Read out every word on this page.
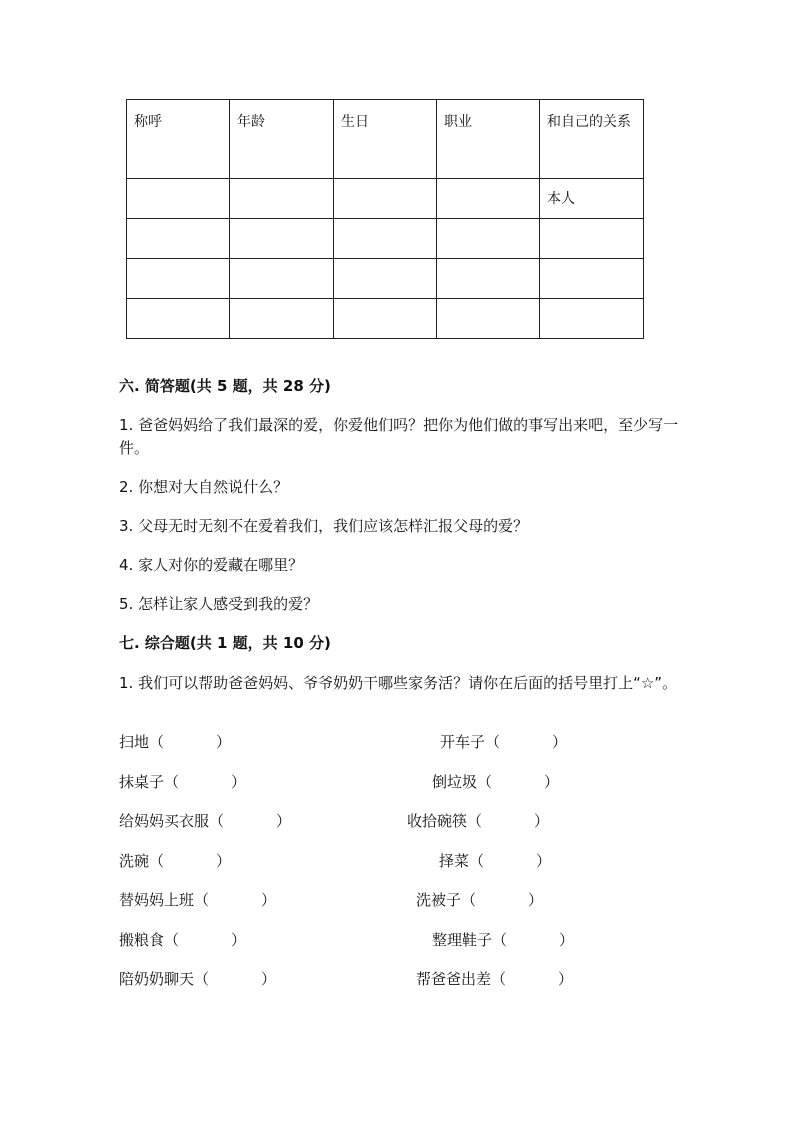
称呼	年龄	生日	职业	和自己的关系
				本人

六. 简答题(共 5 题，共 28 分)
1. 爸爸妈妈给了我们最深的爱，你爱他们吗？把你为他们做的事写出来吧，至少写一件。
2. 你想对大自然说什么？
3. 父母无时无刻不在爱着我们，我们应该怎样汇报父母的爱？
4. 家人对你的爱藏在哪里？
5. 怎样让家人感受到我的爱？
七. 综合题(共 1 题，共 10 分)
1. 我们可以帮助爸爸妈妈、爷爷奶奶干哪些家务活？请你在后面的括号里打上“☆”。
扫地（	）
抹桌子（	）
给妈妈买衣服（	）
洗碗（	）
替妈妈上班（	）
搬粮食（	）
陪奶奶聊天（	）
开车子（	）
倒垃圾（	）
收拾碗筷（	）
择菜（	）
洗被子（	）
整理鞋子（	）
帮爸爸出差（	）
